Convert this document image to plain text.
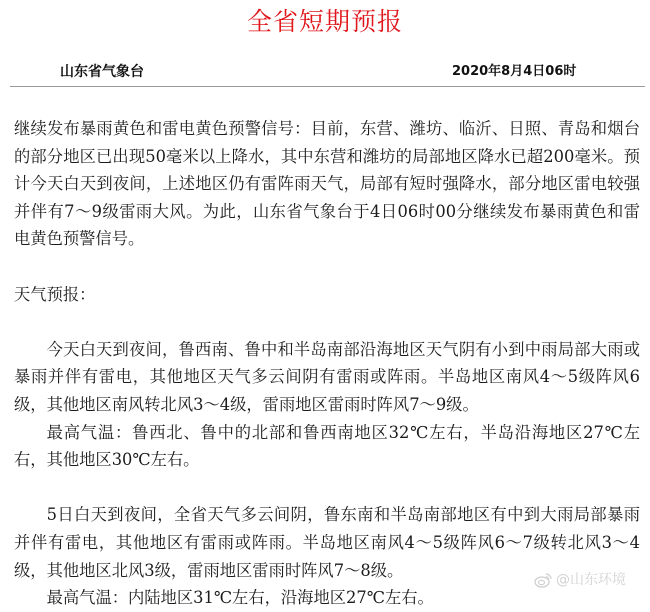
全省短期预报
山东省气象台	2020年8月4日06时

继续发布暴雨黄色和雷电黄色预警信号：目前，东营、潍坊、临沂、日照、青岛和烟台的部分地区已出现50毫米以上降水，其中东营和潍坊的局部地区降水已超200毫米。预计今天白天到夜间，上述地区仍有雷阵雨天气，局部有短时强降水，部分地区雷电较强并伴有7～9级雷雨大风。为此，山东省气象台于4日06时00分继续发布暴雨黄色和雷电黄色预警信号。

天气预报：

今天白天到夜间，鲁西南、鲁中和半岛南部沿海地区天气阴有小到中雨局部大雨或暴雨并伴有雷电，其他地区天气多云间阴有雷雨或阵雨。半岛地区南风4～5级阵风6级，其他地区南风转北风3～4级，雷雨地区雷雨时阵风7～9级。

最高气温：鲁西北、鲁中的北部和鲁西南地区32℃左右，半岛沿海地区27℃左右，其他地区30℃左右。

5日白天到夜间，全省天气多云间阴，鲁东南和半岛南部地区有中到大雨局部暴雨并伴有雷电，其他地区有雷雨或阵雨。半岛地区南风4～5级阵风6～7级转北风3～4级，其他地区北风3级，雷雨地区雷雨时阵风7～8级。

最高气温：内陆地区31℃左右，沿海地区27℃左右。

@山东环境
